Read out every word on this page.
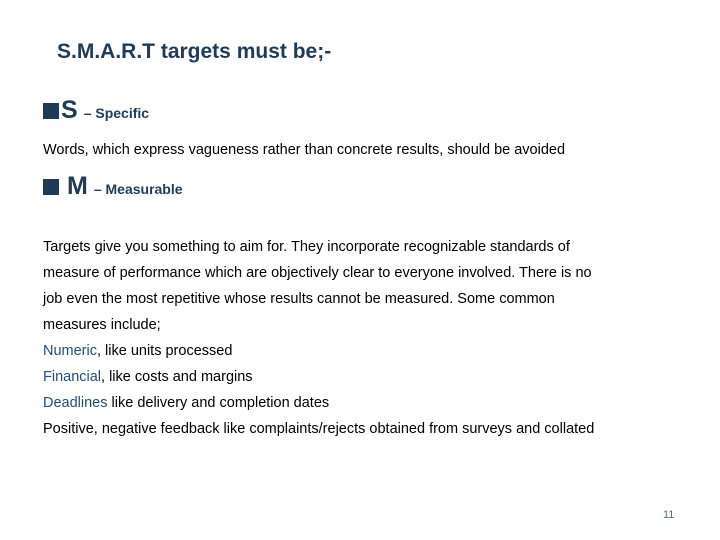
S.M.A.R.T targets must be;-
S – Specific
Words, which express vagueness rather than concrete results, should be avoided
M – Measurable
Targets give you something to aim for. They incorporate recognizable standards of
measure of performance which are objectively clear to everyone involved. There is no
job even the most repetitive whose results cannot be measured. Some common
measures include;
Numeric, like units processed
Financial, like costs and margins
Deadlines like delivery and completion dates
Positive, negative feedback like complaints/rejects obtained from surveys and collated
11
